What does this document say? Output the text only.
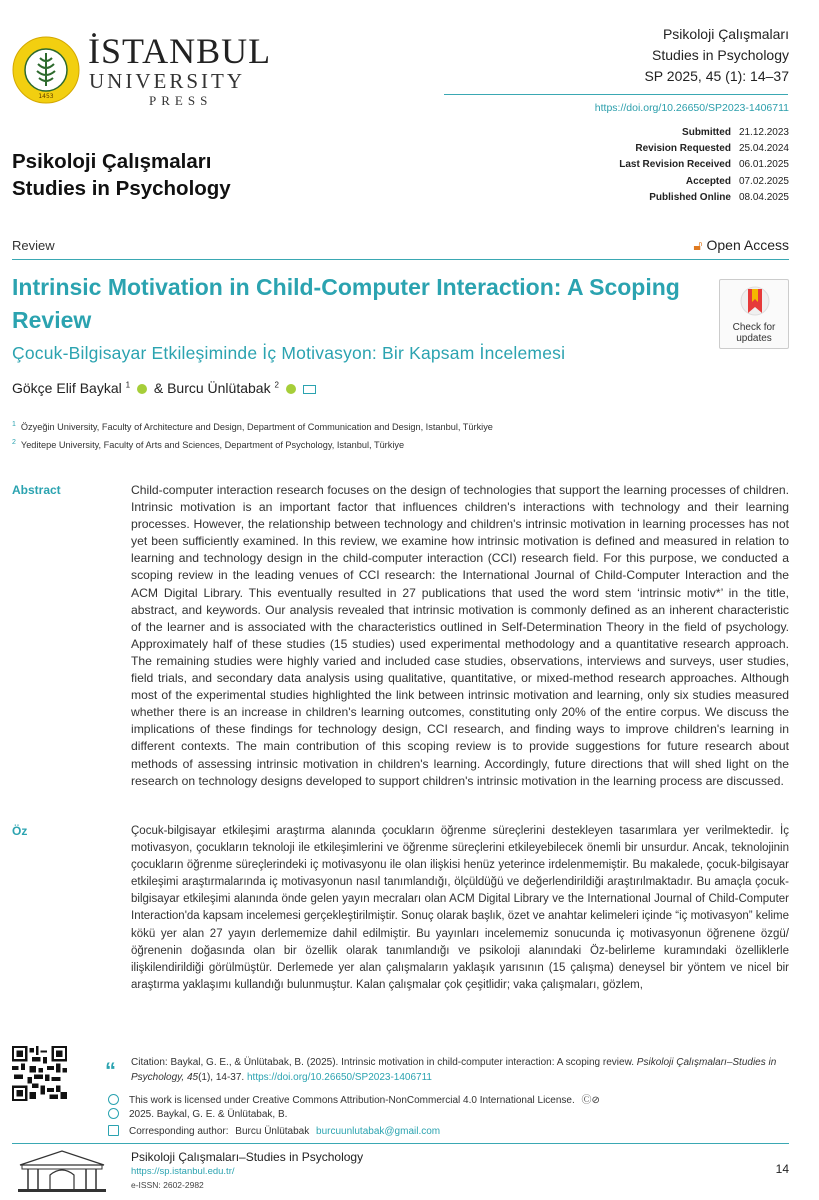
1453
İSTANBUL
UNIVERSITY
PRESS
Psikoloji Çalışmaları
Studies in Psychology
SP 2025, 45 (1): 14–37
https://doi.org/10.26650/SP2023-1406711
Submitted	21.12.2023
Revision Requested	25.04.2024
Last Revision Received	06.01.2025
Accepted	07.02.2025
Published Online	08.04.2025
Psikoloji Çalışmaları
Studies in Psychology
Review	🔓︎ Open Access
Intrinsic Motivation in Child-Computer Interaction: A Scoping Review
Çocuk-Bilgisayar Etkileşiminde İç Motivasyon: Bir Kapsam İncelemesi
Check for updates
Gökçe Elif Baykal $^1$ & Burcu Ünlütabak $^2$
$^1$ Özyeğin University, Faculty of Architecture and Design, Department of Communication and Design, Istanbul, Türkiye
$^2$ Yeditepe University, Faculty of Arts and Sciences, Department of Psychology, Istanbul, Türkiye
Abstract	Child-computer interaction research focuses on the design of technologies that support the learning processes of children. Intrinsic motivation is an important factor that influences children's interactions with technology and their learning processes. However, the relationship between technology and children's intrinsic motivation in learning processes has not yet been sufficiently examined. In this review, we examine how intrinsic motivation is defined and measured in relation to learning and technology design in the child-computer interaction (CCI) research field. For this purpose, we conducted a scoping review in the leading venues of CCI research: the International Journal of Child-Computer Interaction and the ACM Digital Library. This eventually resulted in 27 publications that used the word stem ‘intrinsic motiv*’ in the title, abstract, and keywords. Our analysis revealed that intrinsic motivation is commonly defined as an inherent characteristic of the learner and is associated with the characteristics outlined in Self-Determination Theory in the field of psychology. Approximately half of these studies (15 studies) used experimental methodology and a quantitative research approach. The remaining studies were highly varied and included case studies, observations, interviews and surveys, user studies, field trials, and secondary data analysis using qualitative, quantitative, or mixed-method research approaches. Although most of the experimental studies highlighted the link between intrinsic motivation and learning, only six studies measured whether there is an increase in children's learning outcomes, constituting only 20% of the entire corpus. We discuss the implications of these findings for technology design, CCI research, and finding ways to improve children's learning in different contexts. The main contribution of this scoping review is to provide suggestions for future research about methods of assessing intrinsic motivation in children's learning. Accordingly, future directions that will shed light on the research on technology designs developed to support children's intrinsic motivation in the learning process are discussed.

Öz	Çocuk-bilgisayar etkileşimi araştırma alanında çocukların öğrenme süreçlerini destekleyen tasarımlara yer verilmektedir. İç motivasyon, çocukların teknoloji ile etkileşimlerini ve öğrenme süreçlerini etkileyebilecek önemli bir unsurdur. Ancak, teknolojinin çocukların öğrenme süreçlerindeki iç motivasyonu ile olan ilişkisi henüz yeterince irdelenmemiştir. Bu makalede, çocuk-bilgisayar etkileşimi araştırmalarında iç motivasyonun nasıl tanımlandığı, ölçüldüğü ve değerlendirildiği araştırılmaktadır. Bu amaçla çocuk-bilgisayar etkileşimi alanında önde gelen yayın mecraları olan ACM Digital Library ve the International Journal of Child-Computer Interaction'da kapsam incelemesi gerçekleştirilmiştir. Sonuç olarak başlık, özet ve anahtar kelimeleri içinde “iç motivasyon” kelime kökü yer alan 27 yayın derlememize dahil edilmiştir. Bu yayınları incelememiz sonucunda iç motivasyonun öğrenene özgü/ öğrenenin doğasında olan bir özellik olarak tanımlandığı ve psikoloji alanındaki Öz-belirleme kuramındaki özelliklerle ilişkilendirildiği görülmüştür. Derlemede yer alan çalışmaların yaklaşık yarısının (15 çalışma) deneysel bir yöntem ve nicel bir araştırma yaklaşımı kullandığı bulunmuştur. Kalan çalışmalar çok çeşitlidir; vaka çalışmaları, gözlem,

“ Citation: Baykal, G. E., & Ünlütabak, B. (2025). Intrinsic motivation in child-computer interaction: A scoping review. Psikoloji Çalışmaları–Studies in Psychology, 45(1), 14-37. https://doi.org/10.26650/SP2023-1406711
This work is licensed under Creative Commons Attribution-NonCommercial 4.0 International License. Ⓒ⊘
2025. Baykal, G. E. & Ünlütabak, B.
Corresponding author: Burcu Ünlütabak burcuunlutabak@gmail.com
Psikoloji Çalışmaları–Studies in Psychology
https://sp.istanbul.edu.tr/
e-ISSN: 2602-2982
14
